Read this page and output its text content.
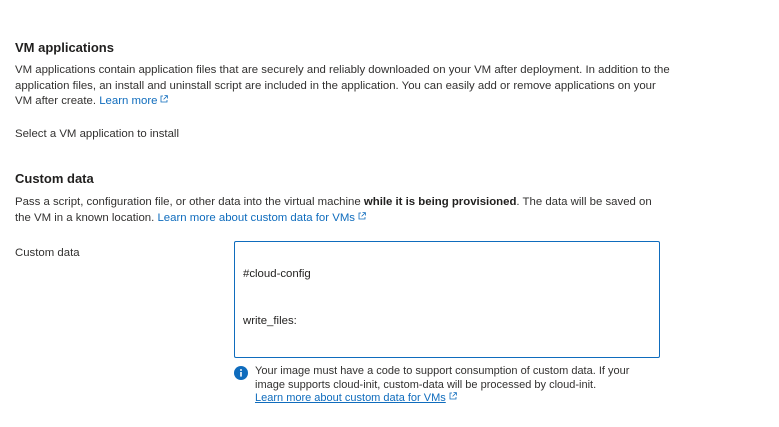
VM applications
VM applications contain application files that are securely and reliably downloaded on your VM after deployment. In addition to the application files, an install and uninstall script are included in the application. You can easily add or remove applications on your VM after create. Learn more
Select a VM application to install
Custom data
Pass a script, configuration file, or other data into the virtual machine while it is being provisioned. The data will be saved on the VM in a known location. Learn more about custom data for VMs
Custom data

#cloud-config

write_files:

Your image must have a code to support consumption of custom data. If your image supports cloud-init, custom-data will be processed by cloud-init.
Learn more about custom data for VMs
